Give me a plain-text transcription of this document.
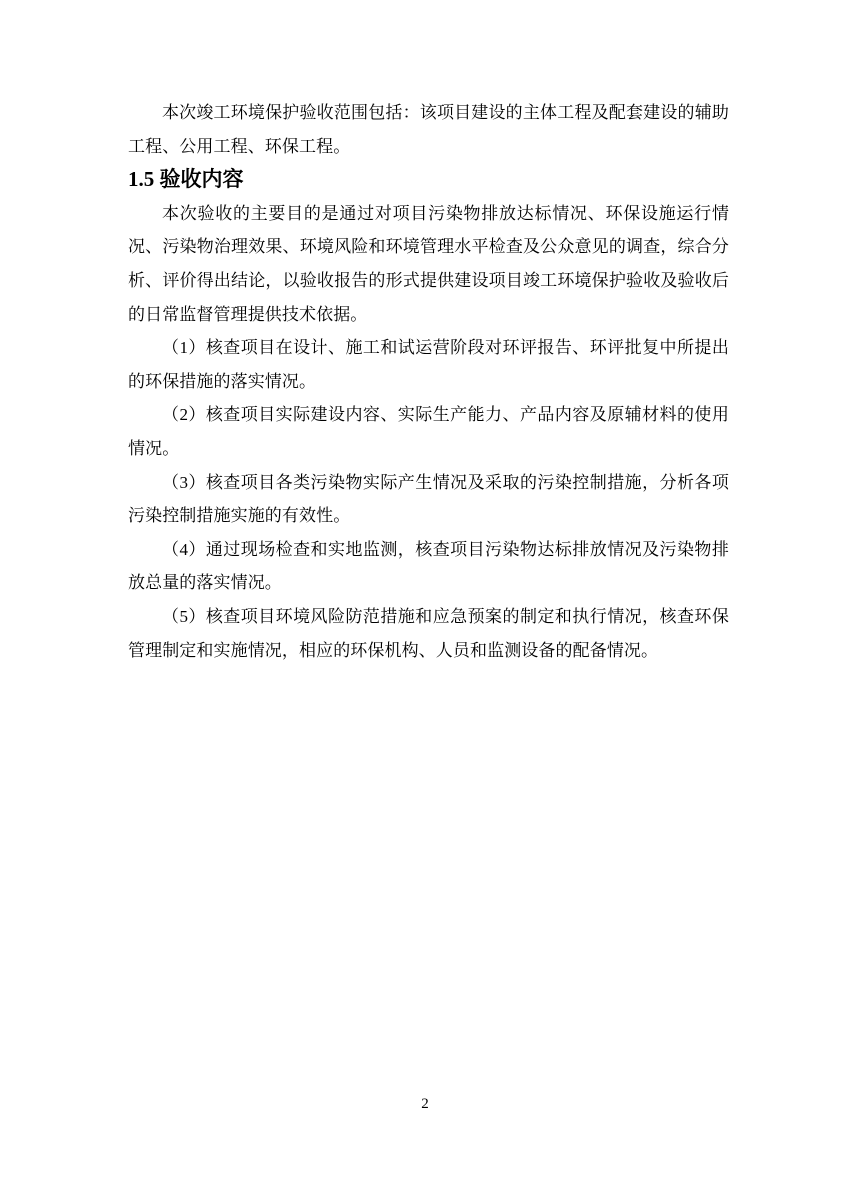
本次竣工环境保护验收范围包括：该项目建设的主体工程及配套建设的辅助工程、公用工程、环保工程。

1.5 验收内容

本次验收的主要目的是通过对项目污染物排放达标情况、环保设施运行情况、污染物治理效果、环境风险和环境管理水平检查及公众意见的调查，综合分析、评价得出结论，以验收报告的形式提供建设项目竣工环境保护验收及验收后的日常监督管理提供技术依据。

（1）核查项目在设计、施工和试运营阶段对环评报告、环评批复中所提出的环保措施的落实情况。

（2）核查项目实际建设内容、实际生产能力、产品内容及原辅材料的使用情况。

（3）核查项目各类污染物实际产生情况及采取的污染控制措施，分析各项污染控制措施实施的有效性。

（4）通过现场检查和实地监测，核查项目污染物达标排放情况及污染物排放总量的落实情况。

（5）核查项目环境风险防范措施和应急预案的制定和执行情况，核查环保管理制定和实施情况，相应的环保机构、人员和监测设备的配备情况。

2
